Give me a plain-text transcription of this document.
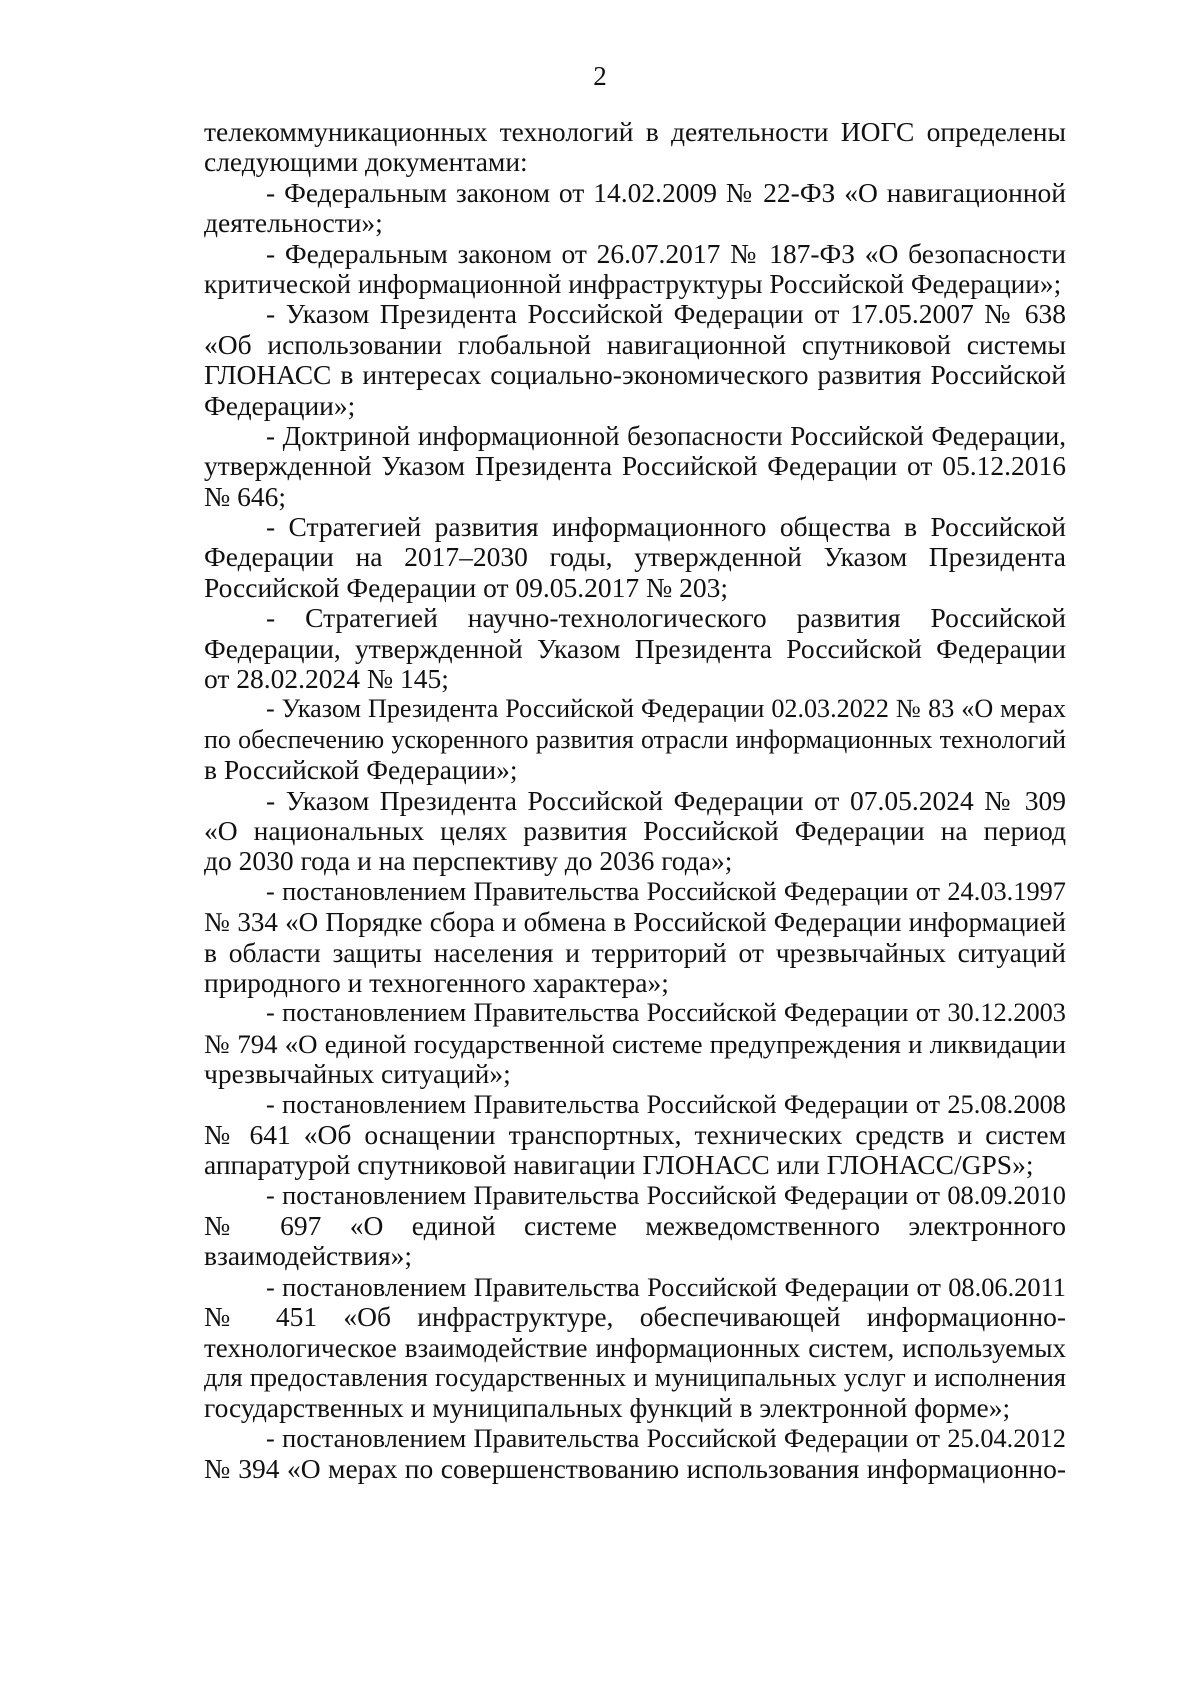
2
телекоммуникационных технологий в деятельности ИОГС определены
следующими документами:
- Федеральным законом от 14.02.2009 № 22-ФЗ «О навигационной
деятельности»;
- Федеральным законом от 26.07.2017 № 187-ФЗ «О безопасности
критической информационной инфраструктуры Российской Федерации»;
- Указом Президента Российской Федерации от 17.05.2007 № 638
«Об использовании глобальной навигационной спутниковой системы
ГЛОНАСС в интересах социально-экономического развития Российской
Федерации»;
- Доктриной информационной безопасности Российской Федерации,
утвержденной Указом Президента Российской Федерации от 05.12.2016
№ 646;
- Стратегией развития информационного общества в Российской
Федерации на 2017–2030 годы, утвержденной Указом Президента
Российской Федерации от 09.05.2017 № 203;
- Стратегией научно-технологического развития Российской
Федерации, утвержденной Указом Президента Российской Федерации
от 28.02.2024 № 145;
- Указом Президента Российской Федерации 02.03.2022 № 83 «О мерах
по обеспечению ускоренного развития отрасли информационных технологий
в Российской Федерации»;
- Указом Президента Российской Федерации от 07.05.2024 № 309
«О национальных целях развития Российской Федерации на период
до 2030 года и на перспективу до 2036 года»;
- постановлением Правительства Российской Федерации от 24.03.1997
№ 334 «О Порядке сбора и обмена в Российской Федерации информацией
в области защиты населения и территорий от чрезвычайных ситуаций
природного и техногенного характера»;
- постановлением Правительства Российской Федерации от 30.12.2003
№ 794 «О единой государственной системе предупреждения и ликвидации
чрезвычайных ситуаций»;
- постановлением Правительства Российской Федерации от 25.08.2008
№ 641 «Об оснащении транспортных, технических средств и систем
аппаратурой спутниковой навигации ГЛОНАСС или ГЛОНАСС/GPS»;
- постановлением Правительства Российской Федерации от 08.09.2010
№ 697 «О единой системе межведомственного электронного
взаимодействия»;
- постановлением Правительства Российской Федерации от 08.06.2011
№ 451 «Об инфраструктуре, обеспечивающей информационно-
технологическое взаимодействие информационных систем, используемых
для предоставления государственных и муниципальных услуг и исполнения
государственных и муниципальных функций в электронной форме»;
- постановлением Правительства Российской Федерации от 25.04.2012
№ 394 «О мерах по совершенствованию использования информационно-
